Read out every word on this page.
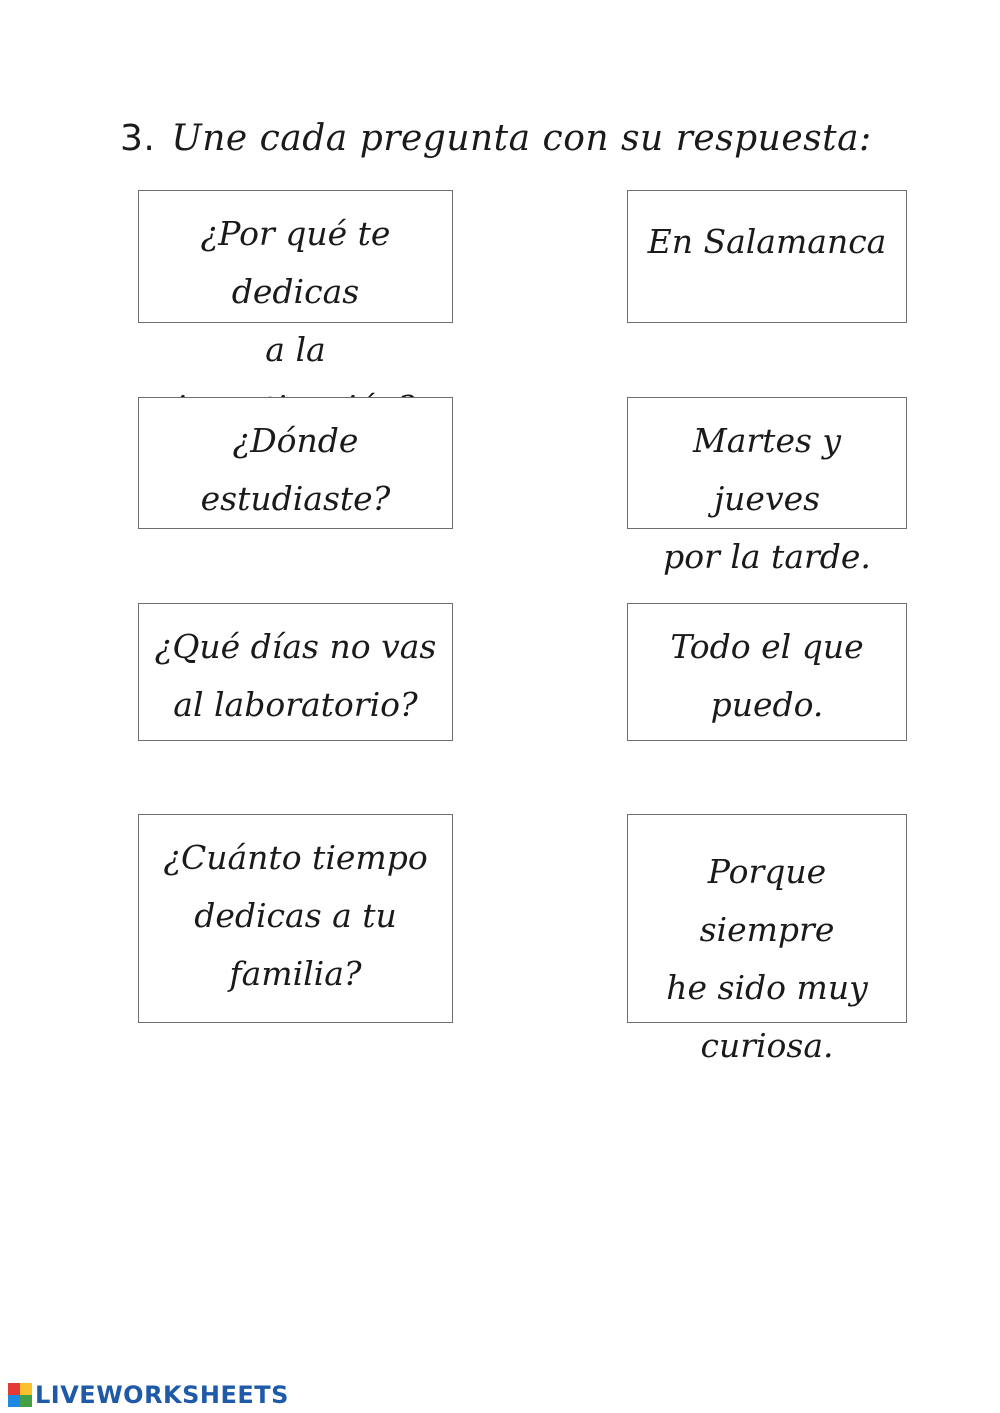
3. Une cada pregunta con su respuesta:
¿Por qué te dedicas
a la
¿Dónde estudiaste?
¿Qué días no vas
al laboratorio?
¿Cuánto tiempo
dedicas a tu
familia?
En Salamanca
Martes y jueves
por la tarde.
Todo el que
puedo.
Porque siempre
he sido muy
curiosa.
LIVEWORKSHEETS
